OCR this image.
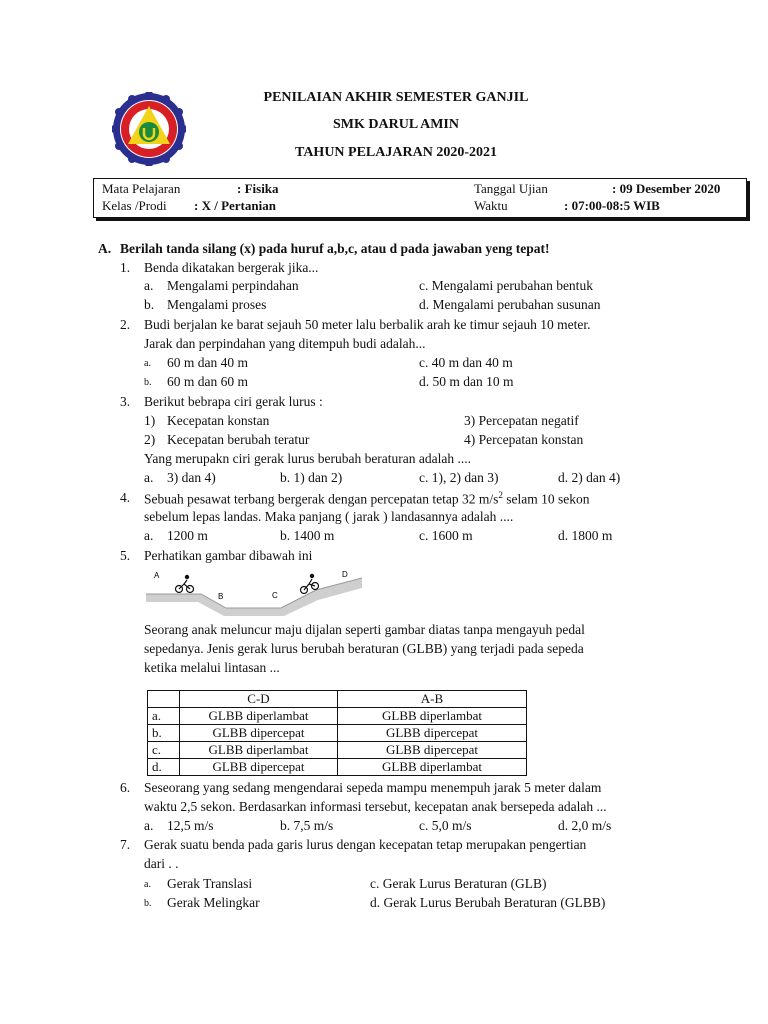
PENILAIAN AKHIR SEMESTER GANJIL
SMK DARUL AMIN
TAHUN PELAJARAN 2020-2021
Mata Pelajaran	: Fisika
Kelas /Prodi : X / Pertanian
Tanggal Ujian	: 09 Desember 2020
Waktu	: 07:00-08:5 WIB
A. Berilah tanda silang (x) pada huruf a,b,c, atau d pada jawaban yeng tepat!
1. Benda dikatakan bergerak jika...
a. Mengalami perpindahan
b. Mengalami proses
c. Mengalami perubahan bentuk
d. Mengalami perubahan susunan
2. Budi berjalan ke barat sejauh 50 meter lalu berbalik arah ke timur sejauh 10 meter.
Jarak dan perpindahan yang ditempuh budi adalah...
a. 60 m dan 40 m
b. 60 m dan 60 m
c. 40 m dan 40 m
d. 50 m dan 10 m
3. Berikut bebrapa ciri gerak lurus :
1) Kecepatan konstan
2) Kecepatan berubah teratur
3) Percepatan negatif
4) Percepatan konstan
Yang merupakn ciri gerak lurus berubah beraturan adalah ....
a. 3) dan 4)	b. 1) dan 2)	c. 1), 2) dan 3)	d. 2) dan 4)
4. Sebuah pesawat terbang bergerak dengan percepatan tetap 32 $m/s^2$ selam 10 sekon
sebelum lepas landas. Maka panjang ( jarak ) landasannya adalah ....
a. 1200 m	b. 1400 m	c. 1600 m	d. 1800 m
5. Perhatikan gambar dibawah ini
A
B	C
D
Seorang anak meluncur maju dijalan seperti gambar diatas tanpa mengayuh pedal
sepedanya. Jenis gerak lurus berubah beraturan (GLBB) yang terjadi pada sepeda
ketika melalui lintasan ...
	C-D	A-B
a.	GLBB diperlambat	GLBB diperlambat
b.	GLBB dipercepat	GLBB dipercepat
c.	GLBB diperlambat	GLBB dipercepat
d.	GLBB dipercepat	GLBB diperlambat
6. Seseorang yang sedang mengendarai sepeda mampu menempuh jarak 5 meter dalam
waktu 2,5 sekon. Berdasarkan informasi tersebut, kecepatan anak bersepeda adalah ...
a. 12,5 m/s	b. 7,5 m/s	c. 5,0 m/s	d. 2,0 m/s
7. Gerak suatu benda pada garis lurus dengan kecepatan tetap merupakan pengertian
dari . .
a. Gerak Translasi
b. Gerak Melingkar
c. Gerak Lurus Beraturan (GLB)
d. Gerak Lurus Berubah Beraturan (GLBB)
